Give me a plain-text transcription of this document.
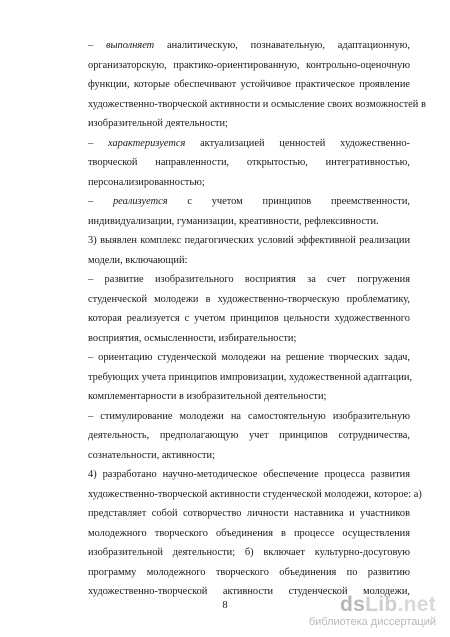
– выполняет аналитическую, познавательную, адаптационную,
организаторскую, практико-ориентированную, контрольно-оценочную
функции, которые обеспечивают устойчивое практическое проявление
художественно-творческой активности и осмысление своих возможностей в
изобразительной деятельности;
– характеризуется актуализацией ценностей художественно-
творческой направленности, открытостью, интегративностью,
персонализированностью;
– реализуется с учетом принципов преемственности,
индивидуализации, гуманизации, креативности, рефлексивности.
3) выявлен комплекс педагогических условий эффективной реализации
модели, включающий:
– развитие изобразительного восприятия за счет погружения
студенческой молодежи в художественно-творческую проблематику,
которая реализуется с учетом принципов цельности художественного
восприятия, осмысленности, избирательности;
– ориентацию студенческой молодежи на решение творческих задач,
требующих учета принципов импровизации, художественной адаптации,
комплементарности в изобразительной деятельности;
– стимулирование молодежи на самостоятельную изобразительную
деятельность, предполагающую учет принципов сотрудничества,
сознательности, активности;
4) разработано научно-методическое обеспечение процесса развития
художественно-творческой активности студенческой молодежи, которое: а)
представляет собой сотворчество личности наставника и участников
молодежного творческого объединения в процессе осуществления
изобразительной деятельности; б) включает культурно-досуговую
программу молодежного творческого объединения по развитию
художественно-творческой активности студенческой молодежи,
8	dsLib.net
библиотека диссертаций
